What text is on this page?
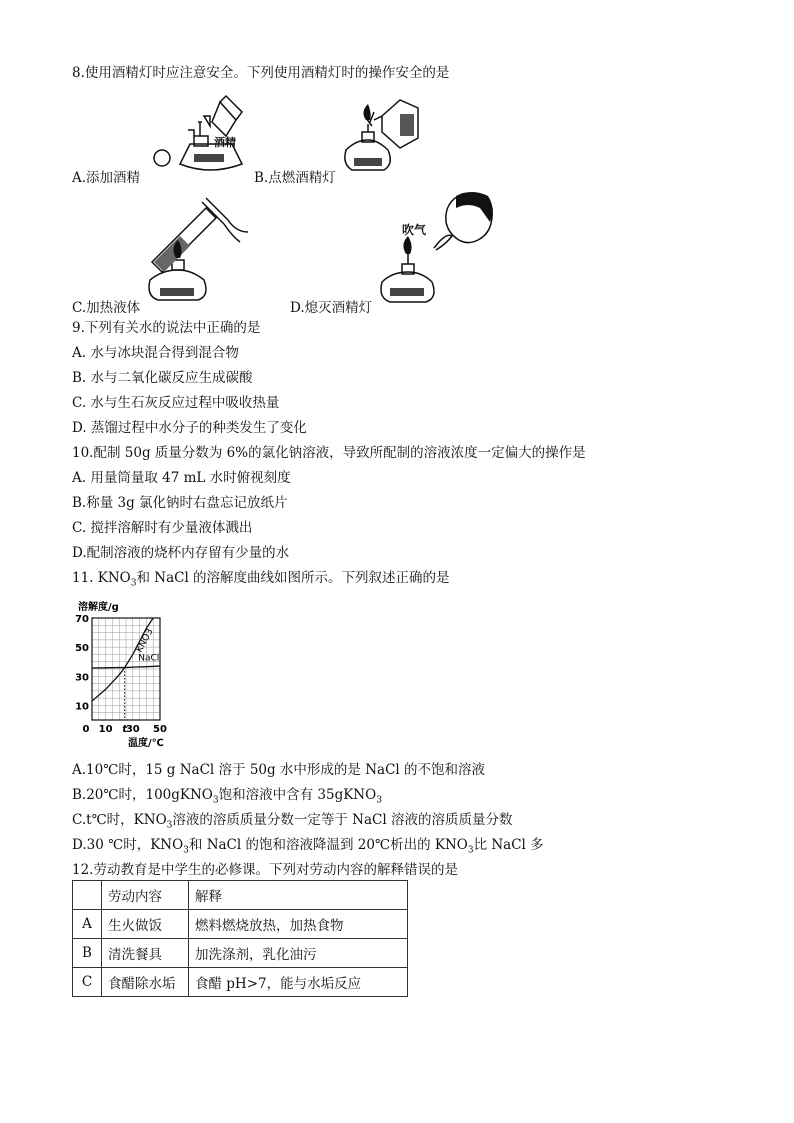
8.使用酒精灯时应注意安全。下列使用酒精灯时的操作安全的是
酒精
A.添加酒精	B.点燃酒精灯
吹气
C.加热液体	D.熄灭酒精灯
9.下列有关水的说法中正确的是
A. 水与冰块混合得到混合物
B. 水与二氧化碳反应生成碳酸
C. 水与生石灰反应过程中吸收热量
D. 蒸馏过程中水分子的种类发生了变化
10.配制 50g 质量分数为 6%的氯化钠溶液，导致所配制的溶液浓度一定偏大的操作是
A. 用量筒量取 47 mL 水时俯视刻度
B.称量 3g 氯化钠时右盘忘记放纸片
C. 搅拌溶解时有少量液体溅出
D.配制溶液的烧杯内存留有少量的水
11. $KNO_3$和 NaCl 的溶解度曲线如图所示。下列叙述正确的是
70
50
30
10
0 10 t
30 50
溶解度/g
温度/℃
KNO3
NaCl
A.10℃时，15 g NaCl 溶于 50g 水中形成的是 NaCl 的不饱和溶液
B.20℃时，100gKNO$_3$饱和溶液中含有 35gKNO$_3$
C.t℃时，$KNO_3$溶液的溶质质量分数一定等于 NaCl 溶液的溶质质量分数
D.30 ℃时，$KNO_3$和 NaCl 的饱和溶液降温到 20℃析出的 $KNO_3$比 NaCl 多
12.劳动教育是中学生的必修课。下列对劳动内容的解释错误的是
	劳动内容	解释
A	生火做饭	燃料燃烧放热，加热食物
B	清洗餐具	加洗涤剂，乳化油污
C	食醋除水垢	食醋 pH>7，能与水垢反应
